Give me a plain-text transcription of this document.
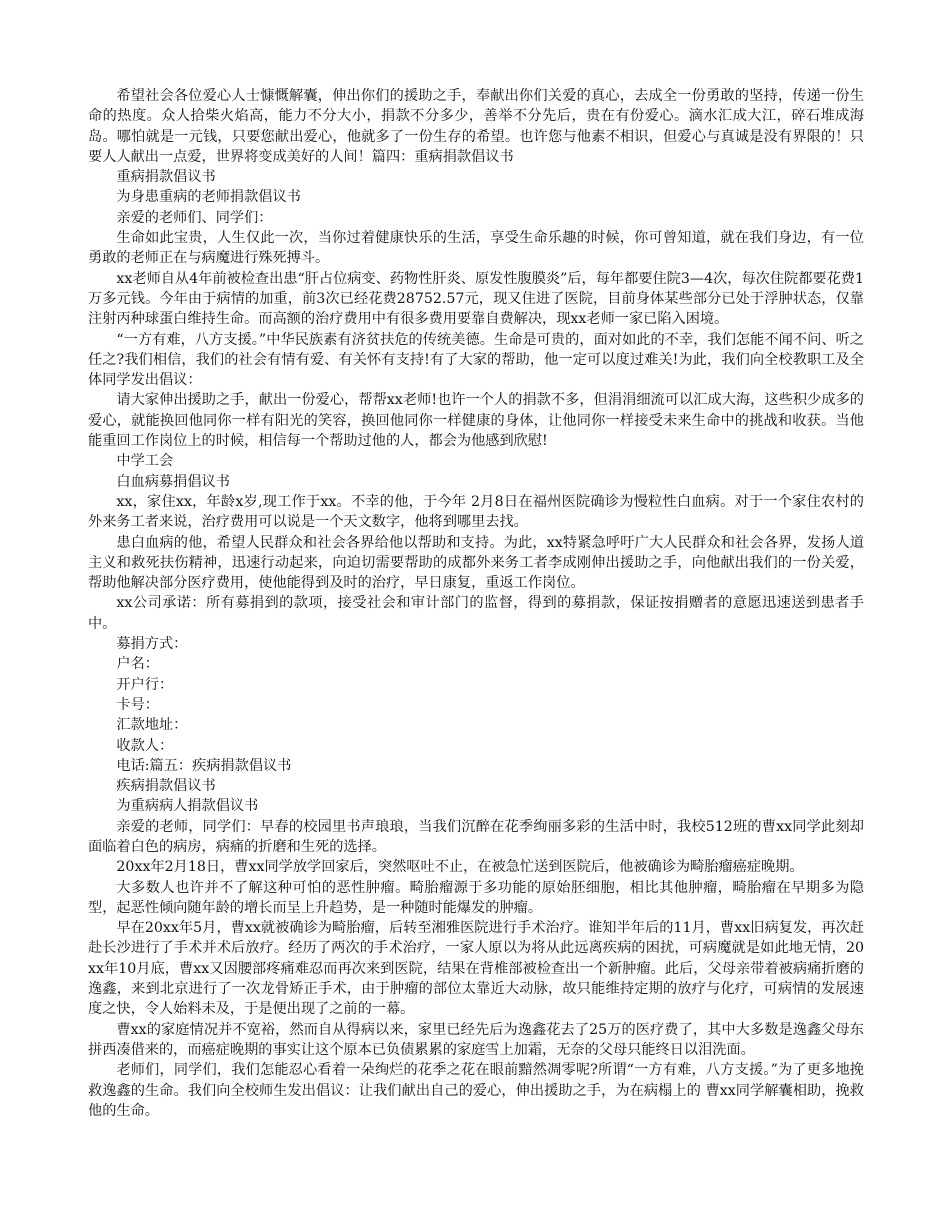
希望社会各位爱心人士慷慨解囊，伸出你们的援助之手，奉献出你们关爱的真心，去成全一份勇敢的坚持，传递一份生命的热度。众人拾柴火焰高，能力不分大小，捐款不分多少，善举不分先后，贵在有份爱心。滴水汇成大江，碎石堆成海岛。哪怕就是一元钱，只要您献出爱心，他就多了一份生存的希望。也许您与他素不相识，但爱心与真诚是没有界限的！只要人人献出一点爱，世界将变成美好的人间！篇四：重病捐款倡议书

重病捐款倡议书

为身患重病的老师捐款倡议书

亲爱的老师们、同学们：

生命如此宝贵，人生仅此一次，当你过着健康快乐的生活，享受生命乐趣的时候，你可曾知道，就在我们身边，有一位勇敢的老师正在与病魔进行殊死搏斗。

xx老师自从4年前被检查出患“肝占位病变、药物性肝炎、原发性腹膜炎”后，每年都要住院3—4次，每次住院都要花费1万多元钱。今年由于病情的加重，前3次已经花费28752.57元，现又住进了医院，目前身体某些部分已处于浮肿状态，仅靠注射丙种球蛋白维持生命。而高额的治疗费用中有很多费用要靠自费解决，现xx老师一家已陷入困境。

“一方有难，八方支援。”中华民族素有济贫扶危的传统美德。生命是可贵的，面对如此的不幸，我们怎能不闻不问、听之任之?我们相信，我们的社会有情有爱、有关怀有支持!有了大家的帮助，他一定可以度过难关!为此，我们向全校教职工及全体同学发出倡议：

请大家伸出援助之手，献出一份爱心，帮帮xx老师!也许一个人的捐款不多，但涓涓细流可以汇成大海，这些积少成多的爱心，就能换回他同你一样有阳光的笑容，换回他同你一样健康的身体，让他同你一样接受未来生命中的挑战和收获。当他能重回工作岗位上的时候，相信每一个帮助过他的人，都会为他感到欣慰!

中学工会

白血病募捐倡议书

xx，家住xx，年龄x岁,现工作于xx。不幸的他，于今年 2月8日在福州医院确诊为慢粒性白血病。对于一个家住农村的外来务工者来说，治疗费用可以说是一个天文数字，他将到哪里去找。

患白血病的他，希望人民群众和社会各界给他以帮助和支持。为此，xx特紧急呼吁广大人民群众和社会各界，发扬人道主义和救死扶伤精神，迅速行动起来，向迫切需要帮助的成都外来务工者李成刚伸出援助之手，向他献出我们的一份关爱，帮助他解决部分医疗费用，使他能得到及时的治疗，早日康复，重返工作岗位。

xx公司承诺：所有募捐到的款项，接受社会和审计部门的监督，得到的募捐款，保证按捐赠者的意愿迅速送到患者手中。

募捐方式：

户名：

开户行：

卡号：

汇款地址：

收款人：

电话:篇五：疾病捐款倡议书

疾病捐款倡议书

为重病病人捐款倡议书

亲爱的老师，同学们：早春的校园里书声琅琅，当我们沉醉在花季绚丽多彩的生活中时，我校512班的曹xx同学此刻却面临着白色的病房，病痛的折磨和生死的选择。

20xx年2月18日，曹xx同学放学回家后，突然呕吐不止，在被急忙送到医院后，他被确诊为畸胎瘤癌症晚期。

大多数人也许并不了解这种可怕的恶性肿瘤。畸胎瘤源于多功能的原始胚细胞，相比其他肿瘤，畸胎瘤在早期多为隐型，起恶性倾向随年龄的增长而呈上升趋势，是一种随时能爆发的肿瘤。

早在20xx年5月，曹xx就被确诊为畸胎瘤，后转至湘雅医院进行手术治疗。谁知半年后的11月，曹xx旧病复发，再次赶赴长沙进行了手术并术后放疗。经历了两次的手术治疗，一家人原以为将从此远离疾病的困扰，可病魔就是如此地无情，20xx年10月底，曹xx又因腰部疼痛难忍而再次来到医院，结果在背椎部被检查出一个新肿瘤。此后，父母亲带着被病痛折磨的逸鑫，来到北京进行了一次龙骨矫正手术，由于肿瘤的部位太靠近大动脉，故只能维持定期的放疗与化疗，可病情的发展速度之快，令人始料未及，于是便出现了之前的一幕。

曹xx的家庭情况并不宽裕，然而自从得病以来，家里已经先后为逸鑫花去了25万的医疗费了，其中大多数是逸鑫父母东拼西凑借来的，而癌症晚期的事实让这个原本已负债累累的家庭雪上加霜，无奈的父母只能终日以泪洗面。

老师们，同学们，我们怎能忍心看着一朵绚烂的花季之花在眼前黯然凋零呢?所谓“一方有难，八方支援。”为了更多地挽救逸鑫的生命。我们向全校师生发出倡议：让我们献出自己的爱心，伸出援助之手，为在病榻上的 曹xx同学解囊相助，挽救他的生命。
